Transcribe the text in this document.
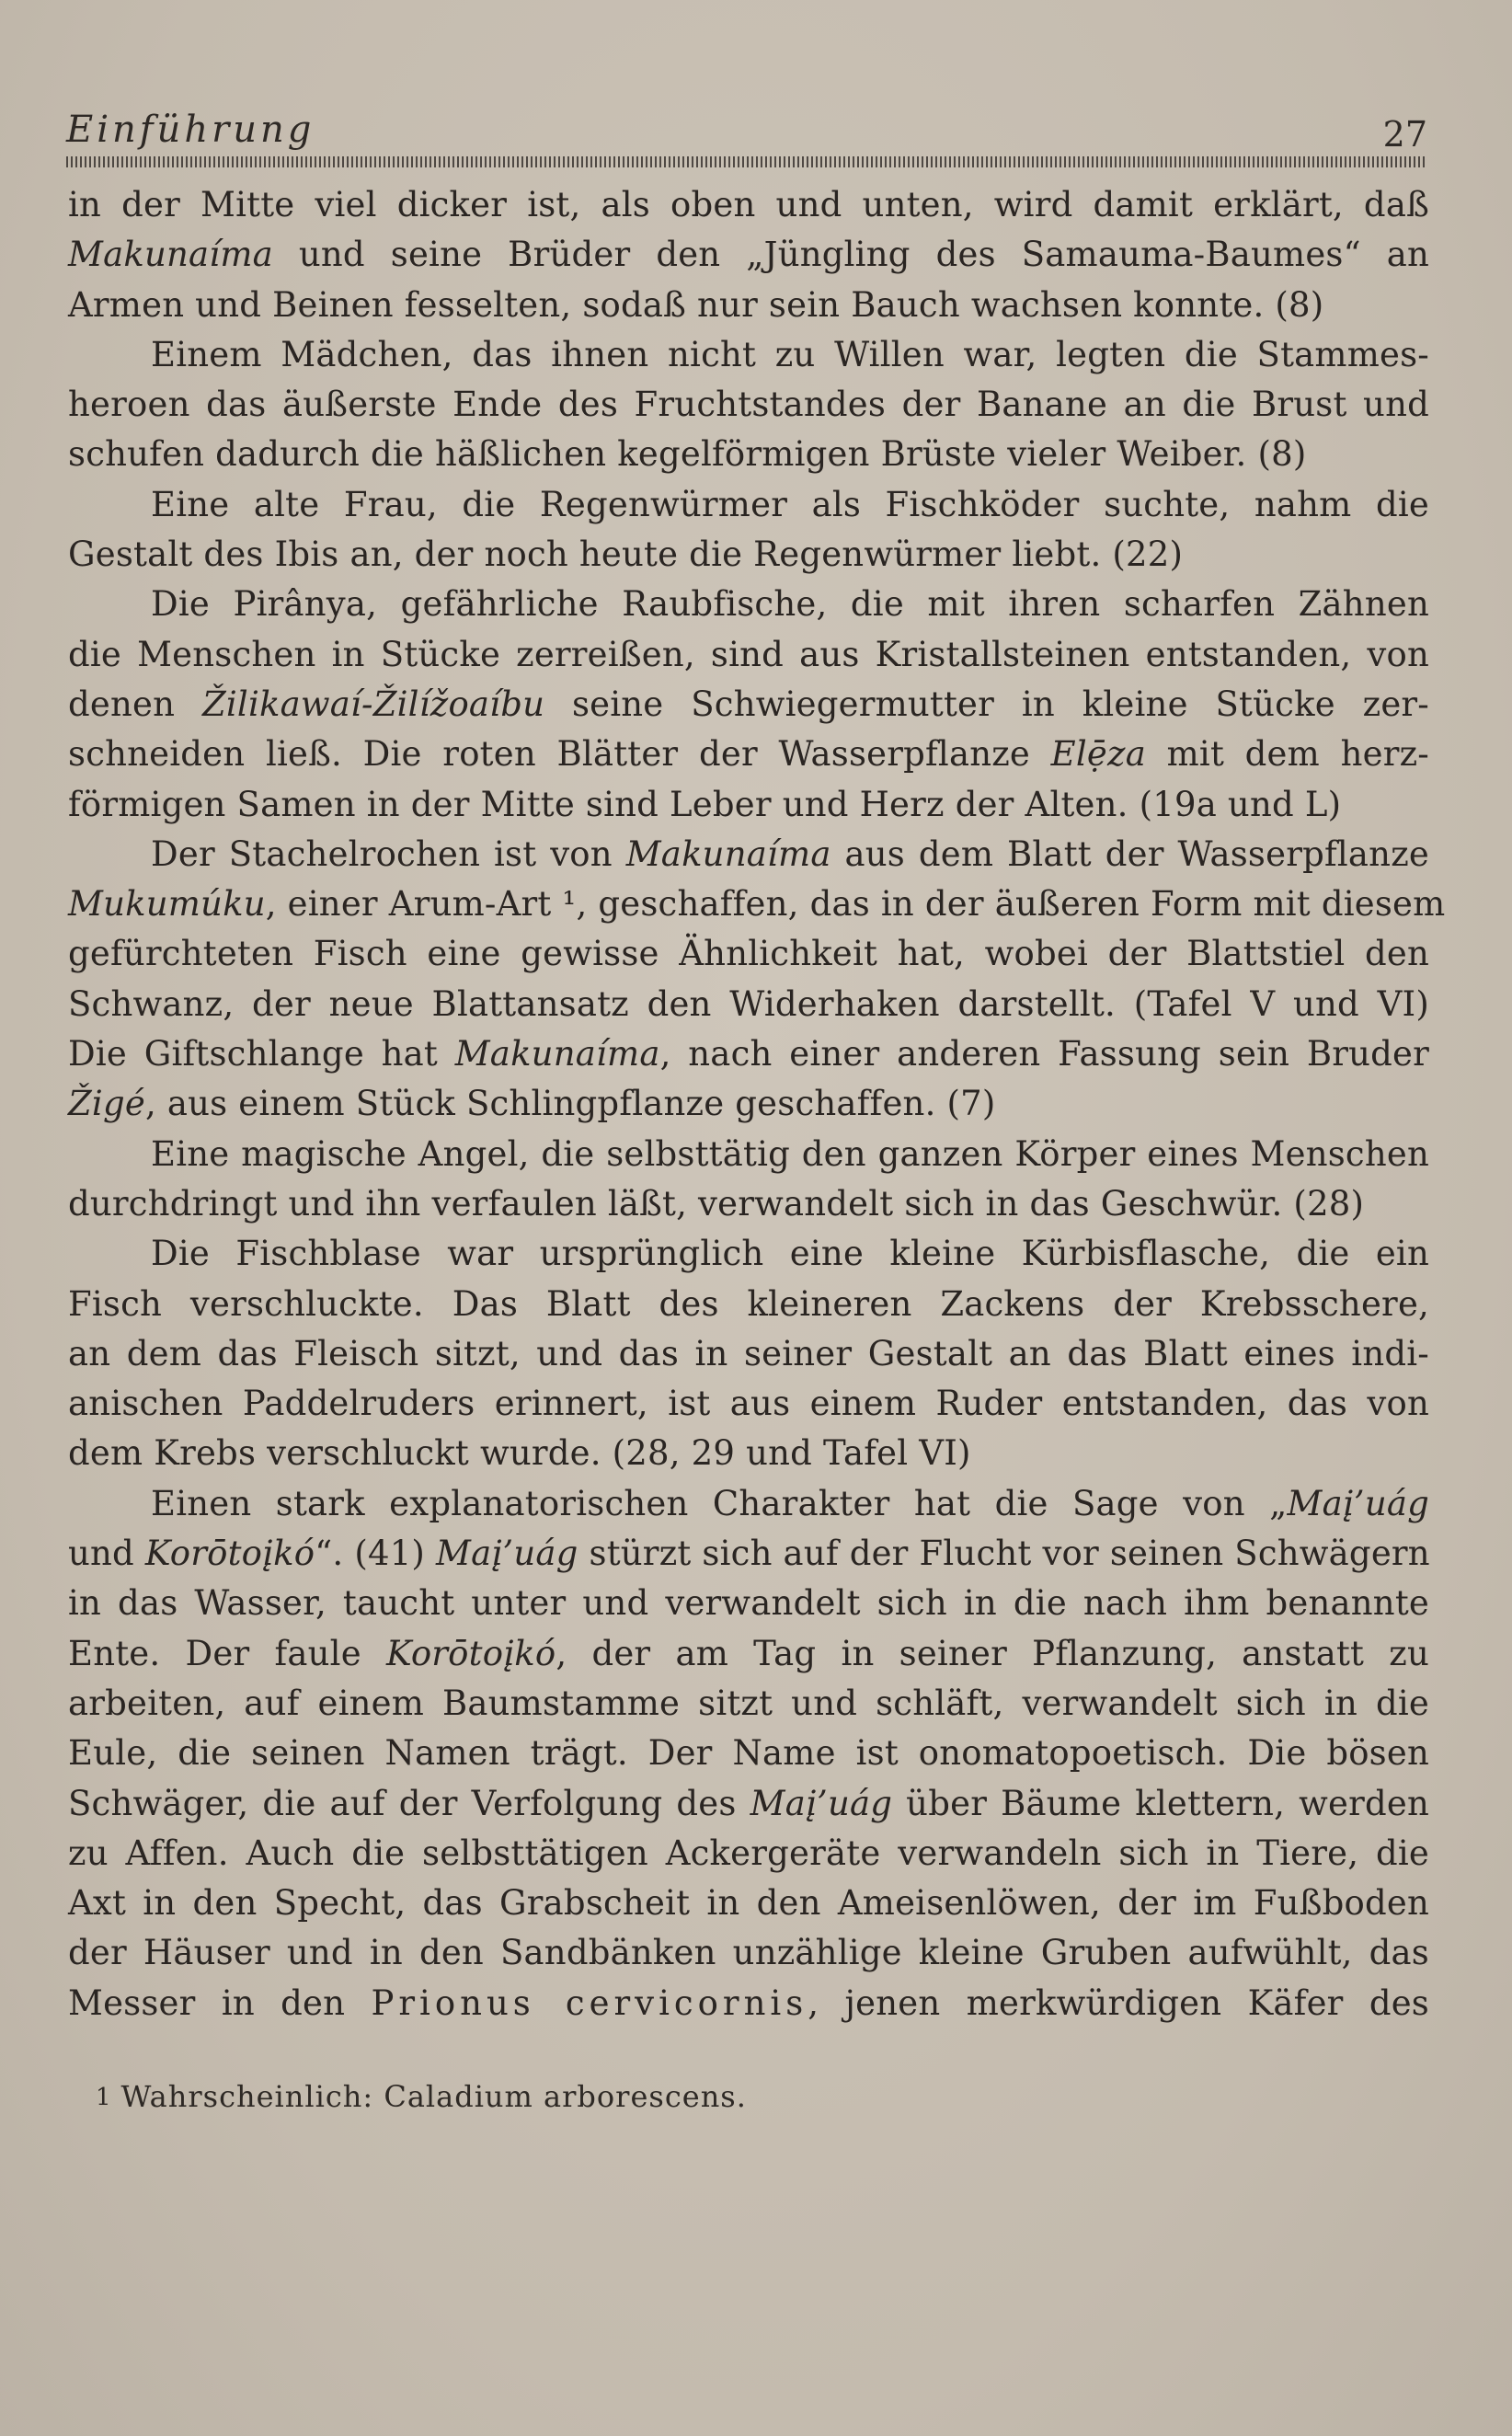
Einführung	27
in der Mitte viel dicker ist, als oben und unten, wird damit erklärt, daß
Makunaíma und seine Brüder den „Jüngling des Samauma-Baumes“ an
Armen und Beinen fesselten, sodaß nur sein Bauch wachsen konnte. (8)
Einem Mädchen, das ihnen nicht zu Willen war, legten die Stammes-
heroen das äußerste Ende des Fruchtstandes der Banane an die Brust und
schufen dadurch die häßlichen kegelförmigen Brüste vieler Weiber. (8)
Eine alte Frau, die Regenwürmer als Fischköder suchte, nahm die
Gestalt des Ibis an, der noch heute die Regenwürmer liebt. (22)
Die Pirânya, gefährliche Raubfische, die mit ihren scharfen Zähnen
die Menschen in Stücke zerreißen, sind aus Kristallsteinen entstanden, von
denen Žilikawaí-Žilížoaíbu seine Schwiegermutter in kleine Stücke zer-
schneiden ließ. Die roten Blätter der Wasserpflanze Elẹ̄za mit dem herz-
förmigen Samen in der Mitte sind Leber und Herz der Alten. (19a und L)
Der Stachelrochen ist von Makunaíma aus dem Blatt der Wasserpflanze
Mukumúku, einer Arum-Art ¹, geschaffen, das in der äußeren Form mit diesem
gefürchteten Fisch eine gewisse Ähnlichkeit hat, wobei der Blattstiel den
Schwanz, der neue Blattansatz den Widerhaken darstellt. (Tafel V und VI)
Die Giftschlange hat Makunaíma, nach einer anderen Fassung sein Bruder
Žigé, aus einem Stück Schlingpflanze geschaffen. (7)
Eine magische Angel, die selbsttätig den ganzen Körper eines Menschen
durchdringt und ihn verfaulen läßt, verwandelt sich in das Geschwür. (28)
Die Fischblase war ursprünglich eine kleine Kürbisflasche, die ein
Fisch verschluckte. Das Blatt des kleineren Zackens der Krebsschere,
an dem das Fleisch sitzt, und das in seiner Gestalt an das Blatt eines indi-
anischen Paddelruders erinnert, ist aus einem Ruder entstanden, das von
dem Krebs verschluckt wurde. (28, 29 und Tafel VI)
Einen stark explanatorischen Charakter hat die Sage von „Maį’uág
und Korōtoįkó“. (41) Maį’uág stürzt sich auf der Flucht vor seinen Schwägern
in das Wasser, taucht unter und verwandelt sich in die nach ihm benannte
Ente. Der faule Korōtoįkó, der am Tag in seiner Pflanzung, anstatt zu
arbeiten, auf einem Baumstamme sitzt und schläft, verwandelt sich in die
Eule, die seinen Namen trägt. Der Name ist onomatopoetisch. Die bösen
Schwäger, die auf der Verfolgung des Maį’uág über Bäume klettern, werden
zu Affen. Auch die selbsttätigen Ackergeräte verwandeln sich in Tiere, die
Axt in den Specht, das Grabscheit in den Ameisenlöwen, der im Fußboden
der Häuser und in den Sandbänken unzählige kleine Gruben aufwühlt, das
Messer in den Prionus cervicornis, jenen merkwürdigen Käfer des
1 Wahrscheinlich: Caladium arborescens.
